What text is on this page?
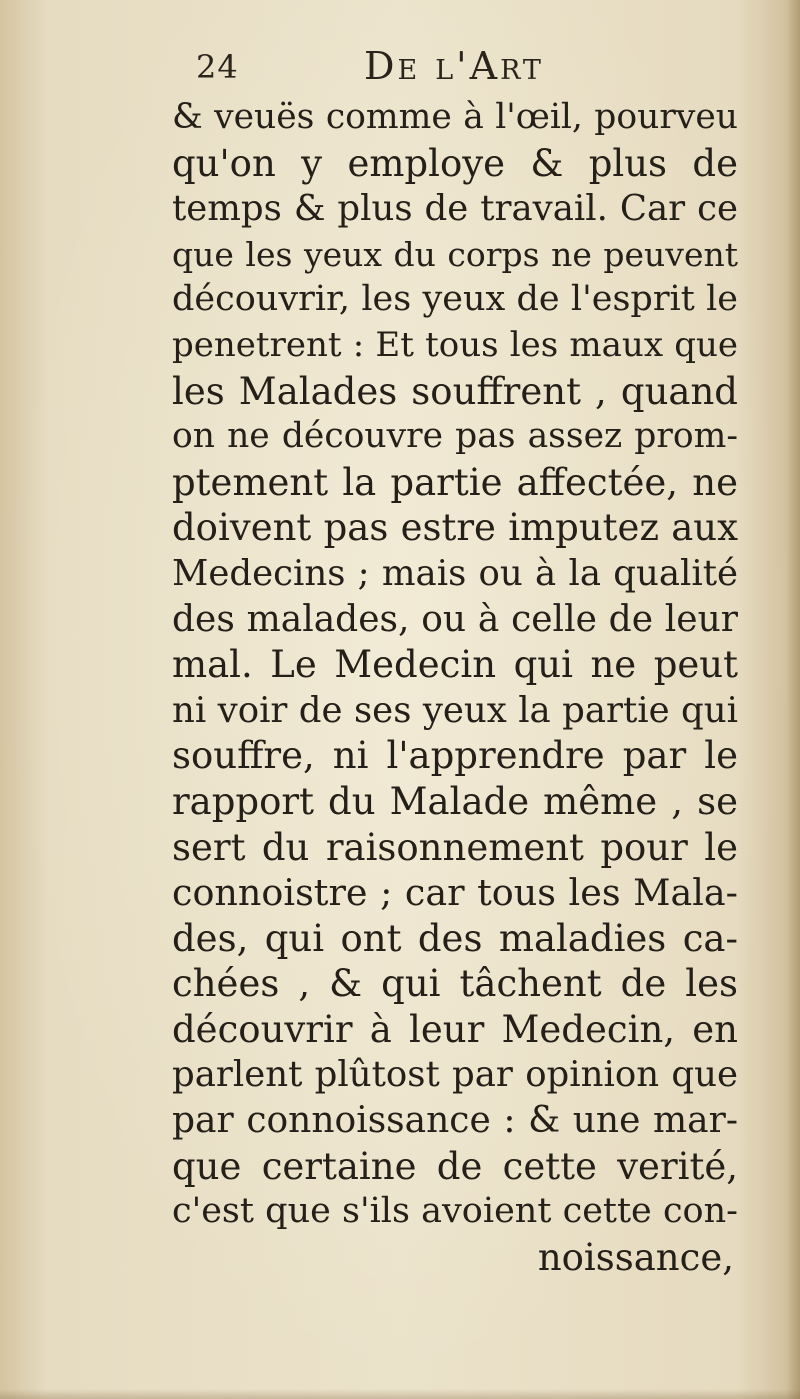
24	De l'Art
& veuës comme à l'œil, pourveu
qu'on y employe & plus de
temps & plus de travail. Car ce
que les yeux du corps ne peuvent
découvrir, les yeux de l'esprit le
penetrent : Et tous les maux que
les Malades souffrent , quand
on ne découvre pas assez prom-
ptement la partie affectée, ne
doivent pas estre imputez aux
Medecins ; mais ou à la qualité
des malades, ou à celle de leur
mal. Le Medecin qui ne peut
ni voir de ses yeux la partie qui
souffre, ni l'apprendre par le
rapport du Malade même , se
sert du raisonnement pour le
connoistre ; car tous les Mala-
des, qui ont des maladies ca-
chées , & qui tâchent de les
découvrir à leur Medecin, en
parlent plûtost par opinion que
par connoissance : & une mar-
que certaine de cette verité,
c'est que s'ils avoient cette con-
noissance,
